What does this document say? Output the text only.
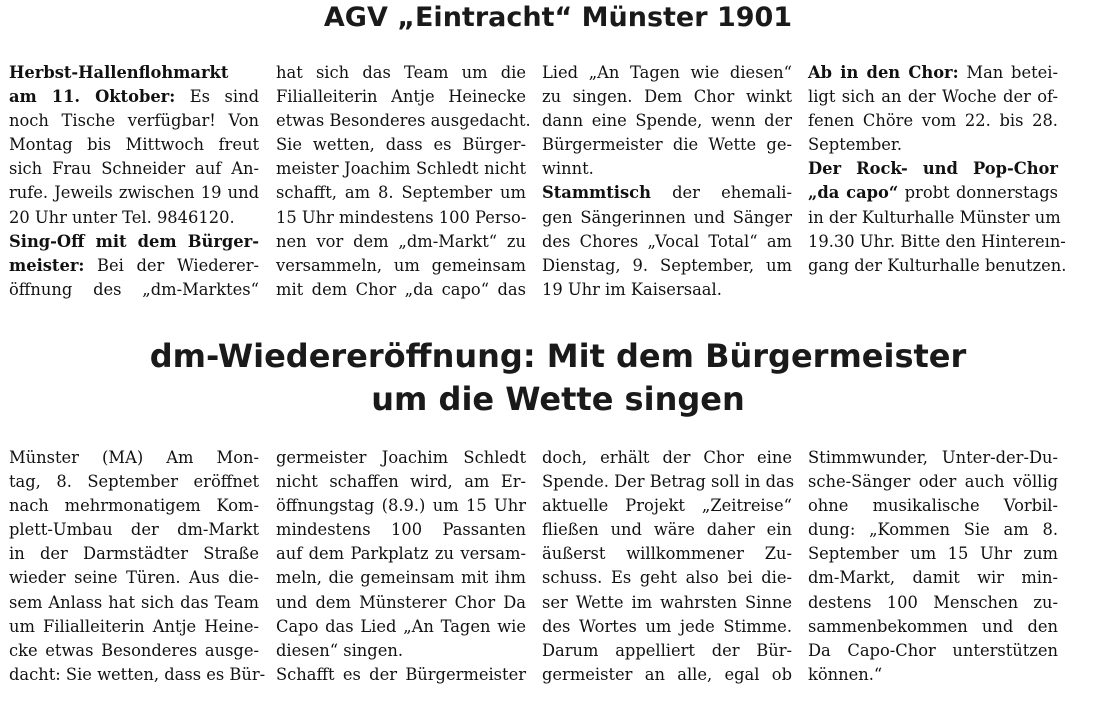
AGV „Eintracht“ Münster 1901
Herbst-Hallenflohmarkt
am 11. Oktober: Es sind
noch Tische verfügbar! Von
Montag bis Mittwoch freut
sich Frau Schneider auf An-
rufe. Jeweils zwischen 19 und
20 Uhr unter Tel. 9846120.
Sing-Off mit dem Bürger-
meister: Bei der Wiederer-
öffnung des „dm-Marktes“
hat sich das Team um die
Filialleiterin Antje Heinecke
etwas Besonderes ausgedacht.
Sie wetten, dass es Bürger-
meister Joachim Schledt nicht
schafft, am 8. September um
15 Uhr mindestens 100 Perso-
nen vor dem „dm-Markt“ zu
versammeln, um gemeinsam
mit dem Chor „da capo“ das
Lied „An Tagen wie diesen“
zu singen. Dem Chor winkt
dann eine Spende, wenn der
Bürgermeister die Wette ge-
winnt.
Stammtisch der ehemali-
gen Sängerinnen und Sänger
des Chores „Vocal Total“ am
Dienstag, 9. September, um
19 Uhr im Kaisersaal.
Ab in den Chor: Man betei-
ligt sich an der Woche der of-
fenen Chöre vom 22. bis 28.
September.
Der Rock- und Pop-Chor
„da capo“ probt donnerstags
in der Kulturhalle Münster um
19.30 Uhr. Bitte den Hintereın-
gang der Kulturhalle benutzen.
dm-Wiedereröffnung: Mit dem Bürgermeister
um die Wette singen
Münster (MA) Am Mon-
tag, 8. September eröffnet
nach mehrmonatigem Kom-
plett-Umbau der dm-Markt
in der Darmstädter Straße
wieder seine Türen. Aus die-
sem Anlass hat sich das Team
um Filialleiterin Antje Heine-
cke etwas Besonderes ausge-
dacht: Sie wetten, dass es Bür-
germeister Joachim Schledt
nicht schaffen wird, am Er-
öffnungstag (8.9.) um 15 Uhr
mindestens 100 Passanten
auf dem Parkplatz zu versam-
meln, die gemeinsam mit ihm
und dem Münsterer Chor Da
Capo das Lied „An Tagen wie
diesen“ singen.
Schafft es der Bürgermeister
doch, erhält der Chor eine
Spende. Der Betrag soll in das
aktuelle Projekt „Zeitreise“
fließen und wäre daher ein
äußerst willkommener Zu-
schuss. Es geht also bei die-
ser Wette im wahrsten Sinne
des Wortes um jede Stimme.
Darum appelliert der Bür-
germeister an alle, egal ob
Stimmwunder, Unter-der-Du-
sche-Sänger oder auch völlig
ohne musikalische Vorbil-
dung: „Kommen Sie am 8.
September um 15 Uhr zum
dm-Markt, damit wir min-
destens 100 Menschen zu-
sammenbekommen und den
Da Capo-Chor unterstützen
können.“
